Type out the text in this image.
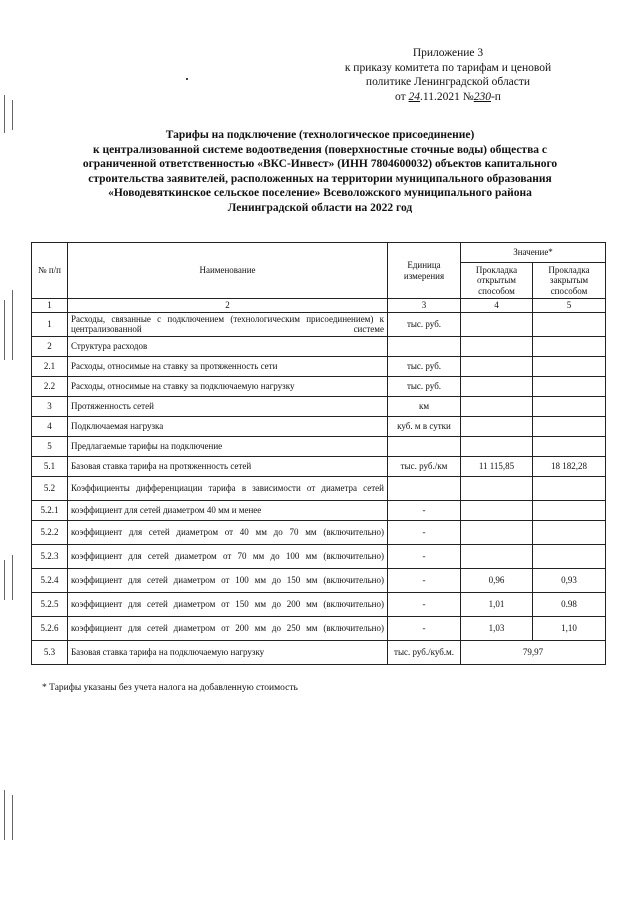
Приложение 3
к приказу комитета по тарифам и ценовой
политике Ленинградской области
от 24.11.2021 №230-п
Тарифы на подключение (технологическое присоединение)
к централизованной системе водоотведения (поверхностные сточные воды) общества с
ограниченной ответственностью «ВКС-Инвест» (ИНН 7804600032) объектов капитального
строительства заявителей, расположенных на территории муниципального образования
«Новодевяткинское сельское поселение» Всеволожского муниципального района
Ленинградской области на 2022 год
№ п/п	Наименование	Единица измерения	Значение*	
			Прокладка открытым способом	Прокладка закрытым способом
1	2	3	4	5
1	Расходы, связанные с подключением (технологическим присоединением) к централизованной системе	тыс. руб.		
2	Структура расходов			
2.1	Расходы, относимые на ставку за протяженность сети	тыс. руб.		
2.2	Расходы, относимые на ставку за подключаемую нагрузку	тыс. руб.		
3	Протяженность сетей	км		
4	Подключаемая нагрузка	куб. м в сутки		
5	Предлагаемые тарифы на подключение			
5.1	Базовая ставка тарифа на протяженность сетей	тыс. руб./км	11 115,85	18 182,28
5.2	Коэффициенты дифференциации тарифа в зависимости от диаметра сетей			
5.2.1	коэффициент для сетей диаметром 40 мм и менее	-		
5.2.2	коэффициент для сетей диаметром от 40 мм до 70 мм (включительно)	-		
5.2.3	коэффициент для сетей диаметром от 70 мм до 100 мм (включительно)	-		
5.2.4	коэффициент для сетей диаметром от 100 мм до 150 мм (включительно)	-	0,96	0,93
5.2.5	коэффициент для сетей диаметром от 150 мм до 200 мм (включительно)	-	1,01	0.98
5.2.6	коэффициент для сетей диаметром от 200 мм до 250 мм (включительно)	-	1,03	1,10
5.3	Базовая ставка тарифа на подключаемую нагрузку	тыс. руб./куб.м.	79,97	
* Тарифы указаны без учета налога на добавленную стоимость
